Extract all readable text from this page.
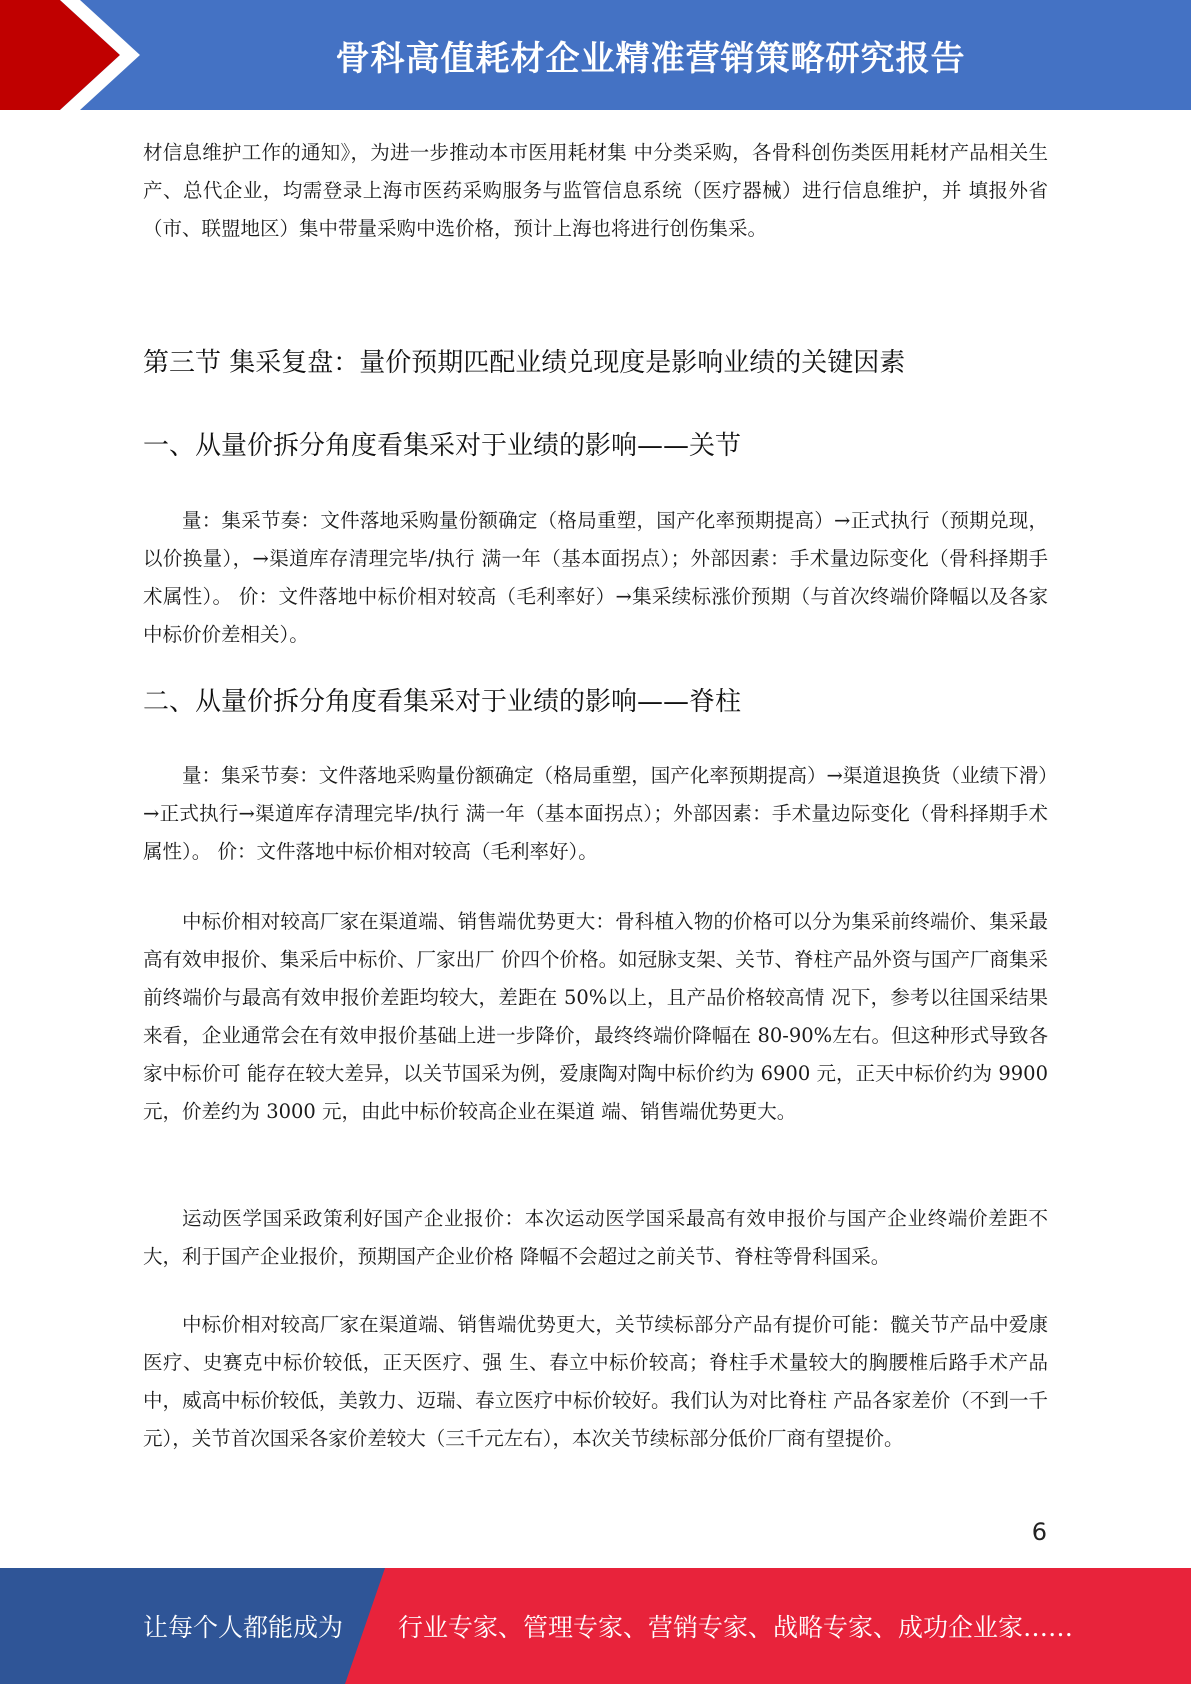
骨科高值耗材企业精准营销策略研究报告

材信息维护工作的通知》，为进一步推动本市医用耗材集 中分类采购，各骨科创伤类医用耗材产品相关生产、总代企业，均需登录上海市医药采购服务与监管信息系统（医疗器械）进行信息维护，并 填报外省（市、联盟地区）集中带量采购中选价格，预计上海也将进行创伤集采。

第三节 集采复盘：量价预期匹配业绩兑现度是影响业绩的关键因素
一、从量价拆分角度看集采对于业绩的影响——关节

量：集采节奏：文件落地采购量份额确定（格局重塑，国产化率预期提高）→正式执行（预期兑现，以价换量），→渠道库存清理完毕/执行 满一年（基本面拐点）；外部因素：手术量边际变化（骨科择期手术属性）。 价：文件落地中标价相对较高（毛利率好）→集采续标涨价预期（与首次终端价降幅以及各家中标价价差相关）。

二、从量价拆分角度看集采对于业绩的影响——脊柱

量：集采节奏：文件落地采购量份额确定（格局重塑，国产化率预期提高）→渠道退换货（业绩下滑）→正式执行→渠道库存清理完毕/执行 满一年（基本面拐点）；外部因素：手术量边际变化（骨科择期手术属性）。 价：文件落地中标价相对较高（毛利率好）。

中标价相对较高厂家在渠道端、销售端优势更大：骨科植入物的价格可以分为集采前终端价、集采最高有效申报价、集采后中标价、厂家出厂 价四个价格。如冠脉支架、关节、脊柱产品外资与国产厂商集采前终端价与最高有效申报价差距均较大，差距在 50%以上，且产品价格较高情 况下，参考以往国采结果来看，企业通常会在有效申报价基础上进一步降价，最终终端价降幅在 80-90%左右。但这种形式导致各家中标价可 能存在较大差异，以关节国采为例，爱康陶对陶中标价约为 6900 元，正天中标价约为 9900 元，价差约为 3000 元，由此中标价较高企业在渠道 端、销售端优势更大。

运动医学国采政策利好国产企业报价：本次运动医学国采最高有效申报价与国产企业终端价差距不大，利于国产企业报价，预期国产企业价格 降幅不会超过之前关节、脊柱等骨科国采。

中标价相对较高厂家在渠道端、销售端优势更大，关节续标部分产品有提价可能：髋关节产品中爱康医疗、史赛克中标价较低，正天医疗、强 生、春立中标价较高；脊柱手术量较大的胸腰椎后路手术产品中，威高中标价较低，美敦力、迈瑞、春立医疗中标价较好。我们认为对比脊柱 产品各家差价（不到一千元），关节首次国采各家价差较大（三千元左右），本次关节续标部分低价厂商有望提价。

6
让每个人都能成为 行业专家、管理专家、营销专家、战略专家、成功企业家……
